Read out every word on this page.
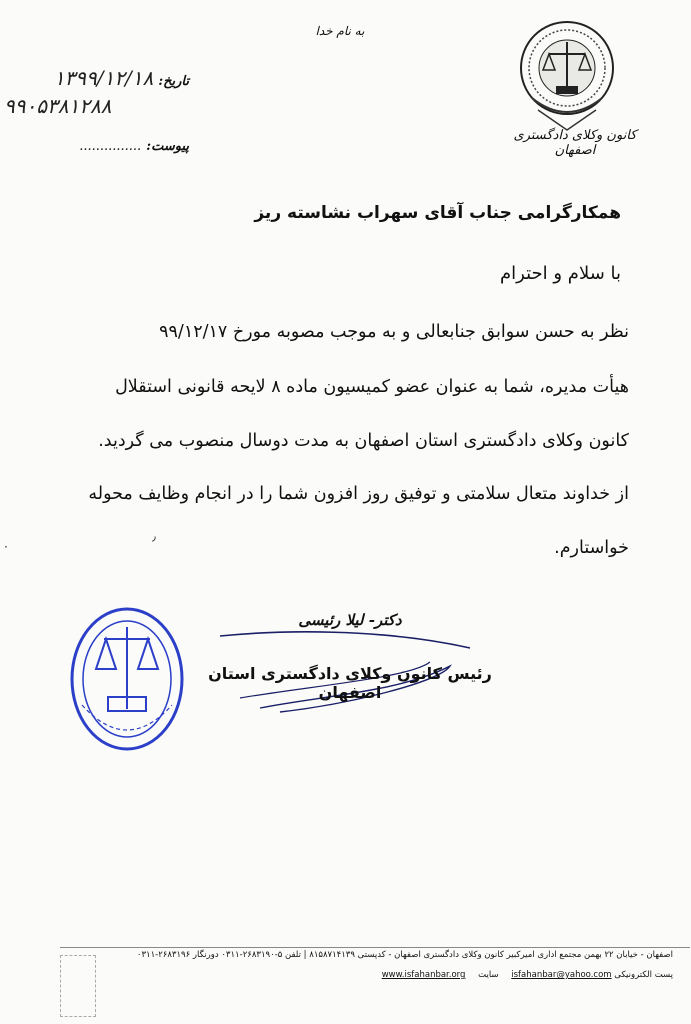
کانون وکلای دادگستری اصفهان
به نام خدا
تاریخ: ۱۳۹۹/۱۲/۱۸
۹۹۰۵۳۸۱۲۸۸
پیوست: ...............
همکارگرامی جناب آقای سهراب نشاسته ریز
با سلام و احترام
نظر به حسن سوابق جنابعالی و به موجب مصوبه مورخ ۹۹/۱۲/۱۷
هیأت مدیره، شما به عنوان عضو کمیسیون ماده ۸ لایحه قانونی استقلال
کانون وکلای دادگستری استان اصفهان به مدت دوسال منصوب می گردید.
از خداوند متعال سلامتی و توفیق روز افزون شما را در انجام وظایف محوله
خواستارم.
٫
·
دکتر- لیلا رئیسی
رئیس کانون وکلای دادگستری استان اصفهان
اصفهان - خیابان ۲۲ بهمن مجتمع اداری امیرکبیر کانون وکلای دادگستری اصفهان - کدپستی ۸۱۵۸۷۱۴۱۳۹ | تلفن ۵-۲۶۸۳۱۹۰-۰۳۱۱ دورنگار ۲۶۸۳۱۹۶-۰۳۱۱
پست الکترونیکی isfahanbar@yahoo.com سایت www.isfahanbar.org
